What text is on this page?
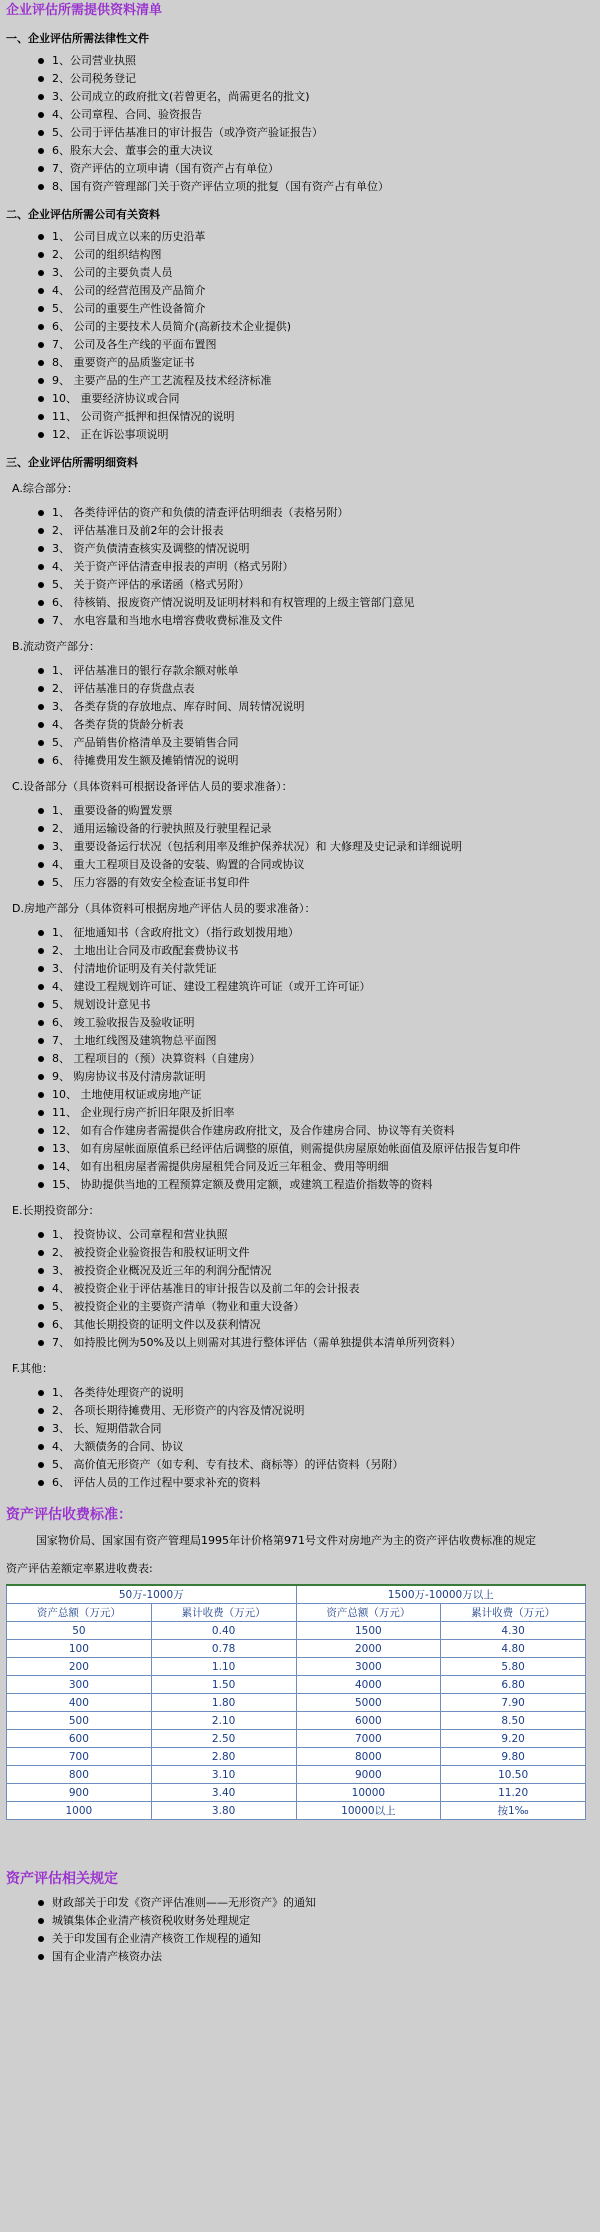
企业评估所需提供资料清单
一、企业评估所需法律性文件
1、公司营业执照
2、公司税务登记
3、公司成立的政府批文(若曾更名，尚需更名的批文)
4、公司章程、合同、验资报告
5、公司于评估基准日的审计报告（或净资产验证报告）
6、股东大会、董事会的重大决议
7、资产评估的立项申请（国有资产占有单位）
8、国有资产管理部门关于资产评估立项的批复（国有资产占有单位）
二、企业评估所需公司有关资料
1、 公司目成立以来的历史沿革
2、 公司的组织结构图
3、 公司的主要负责人员
4、 公司的经营范围及产品简介
5、 公司的重要生产性设备简介
6、 公司的主要技术人员简介(高新技术企业提供)
7、 公司及各生产线的平面布置图
8、 重要资产的品质鉴定证书
9、 主要产品的生产工艺流程及技术经济标准
10、 重要经济协议或合同
11、 公司资产抵押和担保情况的说明
12、 正在诉讼事项说明
三、企业评估所需明细资料
A.综合部分：
1、 各类待评估的资产和负债的清查评估明细表（表格另附）
2、 评估基准日及前2年的会计报表
3、 资产负债清查核实及调整的情况说明
4、 关于资产评估清查申报表的声明（格式另附）
5、 关于资产评估的承诺函（格式另附）
6、 待核销、报废资产情况说明及证明材料和有权管理的上级主管部门意见
7、 水电容量和当地水电增容费收费标准及文件
B.流动资产部分：
1、 评估基准日的银行存款余额对帐单
2、 评估基准日的存货盘点表
3、 各类存货的存放地点、库存时间、周转情况说明
4、 各类存货的货龄分析表
5、 产品销售价格清单及主要销售合同
6、 待摊费用发生额及摊销情况的说明
C.设备部分（具体资料可根据设备评估人员的要求准备）：
1、 重要设备的购置发票
2、 通用运输设备的行驶执照及行驶里程记录
3、 重要设备运行状况（包括利用率及维护保养状况）和 大修理及史记录和详细说明
4、 重大工程项目及设备的安装、购置的合同或协议
5、 压力容器的有效安全检查证书复印件
D.房地产部分（具体资料可根据房地产评估人员的要求准备）：
1、 征地通知书（含政府批文）（指行政划拨用地）
2、 土地出让合同及市政配套费协议书
3、 付清地价证明及有关付款凭证
4、 建设工程规划许可证、建设工程建筑许可证（或开工许可证）
5、 规划设计意见书
6、 竣工验收报告及验收证明
7、 土地红线图及建筑物总平面图
8、 工程项目的（预）决算资料（自建房）
9、 购房协议书及付清房款证明
10、 土地使用权证或房地产证
11、 企业现行房产折旧年限及折旧率
12、 如有合作建房者需提供合作建房政府批文，及合作建房合同、协议等有关资料
13、 如有房屋帐面原值系已经评估后调整的原值，则需提供房屋原始帐面值及原评估报告复印件
14、 如有出租房屋者需提供房屋租凭合同及近三年租金、费用等明细
15、 协助提供当地的工程预算定额及费用定额，或建筑工程造价指数等的资料
E.长期投资部分：
1、 投资协议、公司章程和营业执照
2、 被投资企业验资报告和股权证明文件
3、 被投资企业概况及近三年的利润分配情况
4、 被投资企业于评估基准日的审计报告以及前二年的会计报表
5、 被投资企业的主要资产清单（物业和重大设备）
6、 其他长期投资的证明文件以及获利情况
7、 如持股比例为50%及以上则需对其进行整体评估（需单独提供本清单所列资料）
F.其他：
1、 各类待处理资产的说明
2、 各项长期待摊费用、无形资产的内容及情况说明
3、 长、短期借款合同
4、 大额债务的合同、协议
5、 高价值无形资产（如专利、专有技术、商标等）的评估资料（另附）
6、 评估人员的工作过程中要求补充的资料
资产评估收费标准：
国家物价局、国家国有资产管理局1995年计价格第971号文件对房地产为主的资产评估收费标准的规定
资产评估差额定率累进收费表:
50万-1000万		1500万-10000万以上	
资产总额（万元）	累计收费（万元）	资产总额（万元）	累计收费（万元）
50	0.40	1500	4.30
100	0.78	2000	4.80
200	1.10	3000	5.80
300	1.50	4000	6.80
400	1.80	5000	7.90
500	2.10	6000	8.50
600	2.50	7000	9.20
700	2.80	8000	9.80
800	3.10	9000	10.50
900	3.40	10000	11.20
1000	3.80	10000以上	按1‰
资产评估相关规定
财政部关于印发《资产评估准则——无形资产》的通知
城镇集体企业清产核资税收财务处理规定
关于印发国有企业清产核资工作规程的通知
国有企业清产核资办法
